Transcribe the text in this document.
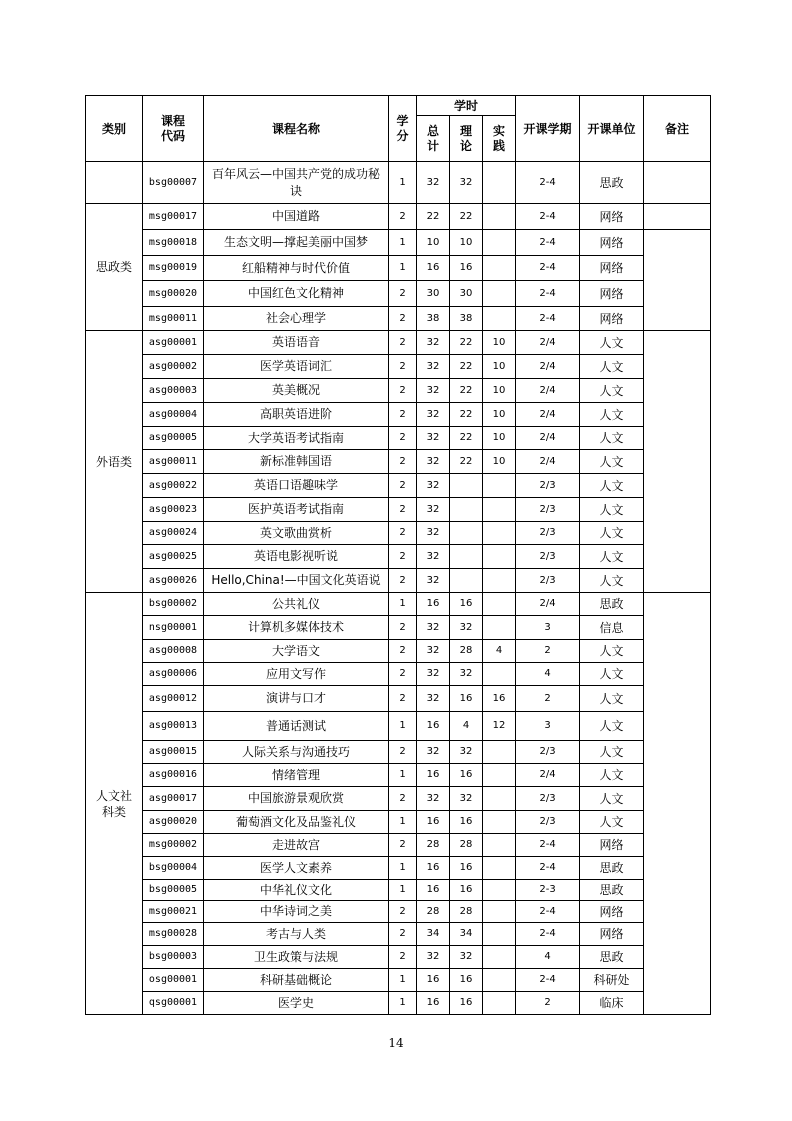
类别	课程代码	课程名称	学分	学时			开课学期	开课单位	备注
				总计	理论	实践			
	bsg00007	百年风云—中国共产党的成功秘诀	1	32	32		2-4	思政	
思政类	msg00017	中国道路	2	22	22		2-4	网络	
	msg00018	生态文明—撑起美丽中国梦	1	10	10		2-4	网络	
	msg00019	红船精神与时代价值	1	16	16		2-4	网络	
	msg00020	中国红色文化精神	2	30	30		2-4	网络	
	msg00011	社会心理学	2	38	38		2-4	网络	
外语类	asg00001	英语语音	2	32	22	10	2/4	人文	
	asg00002	医学英语词汇	2	32	22	10	2/4	人文	
	asg00003	英美概况	2	32	22	10	2/4	人文	
	asg00004	高职英语进阶	2	32	22	10	2/4	人文	
	asg00005	大学英语考试指南	2	32	22	10	2/4	人文	
	asg00011	新标准韩国语	2	32	22	10	2/4	人文	
	asg00022	英语口语趣味学	2	32			2/3	人文	
	asg00023	医护英语考试指南	2	32			2/3	人文	
	asg00024	英文歌曲赏析	2	32			2/3	人文	
	asg00025	英语电影视听说	2	32			2/3	人文	
	asg00026	Hello,China!—中国文化英语说	2	32			2/3	人文	
人文社科类	bsg00002	公共礼仪	1	16	16		2/4	思政	
	nsg00001	计算机多媒体技术	2	32	32		3	信息	
	asg00008	大学语文	2	32	28	4	2	人文	
	asg00006	应用文写作	2	32	32		4	人文	
	asg00012	演讲与口才	2	32	16	16	2	人文	
	asg00013	普通话测试	1	16	4	12	3	人文	
	asg00015	人际关系与沟通技巧	2	32	32		2/3	人文	
	asg00016	情绪管理	1	16	16		2/4	人文	
	asg00017	中国旅游景观欣赏	2	32	32		2/3	人文	
	asg00020	葡萄酒文化及品鉴礼仪	1	16	16		2/3	人文	
	msg00002	走进故宫	2	28	28		2-4	网络	
	bsg00004	医学人文素养	1	16	16		2-4	思政	
	bsg00005	中华礼仪文化	1	16	16		2-3	思政	
	msg00021	中华诗词之美	2	28	28		2-4	网络	
	msg00028	考古与人类	2	34	34		2-4	网络	
	bsg00003	卫生政策与法规	2	32	32		4	思政	
	osg00001	科研基础概论	1	16	16		2-4	科研处	
	qsg00001	医学史	1	16	16		2	临床	
14
